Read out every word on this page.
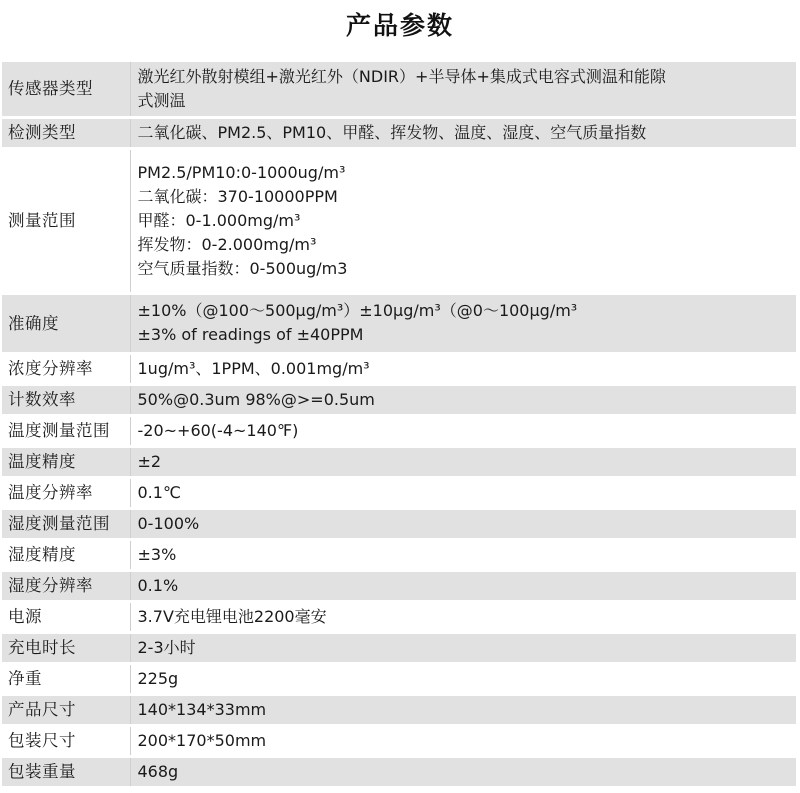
产品参数
传感器类型	激光红外散射模组+激光红外（NDIR）+半导体+集成式电容式测温和能隙
式测温

检测类型	二氧化碳、PM2.5、PM10、甲醛、挥发物、温度、湿度、空气质量指数

测量范围	PM2.5/PM10:0-1000ug/m³
二氧化碳：370-10000PPM
甲醛：0-1.000mg/m³
挥发物：0-2.000mg/m³
空气质量指数：0-500ug/m3

准确度	±10%（@100～500μg/m³）±10μg/m³（@0～100μg/m³
±3% of readings of ±40PPM

浓度分辨率	1ug/m³、1PPM、0.001mg/m³

计数效率	50%@0.3um 98%@>=0.5um

温度测量范围	-20~+60(-4~140℉)

温度精度	±2

温度分辨率	0.1℃

湿度测量范围	0-100%

湿度精度	±3%

湿度分辨率	0.1%

电源	3.7V充电锂电池2200毫安

充电时长	2-3小时

净重	225g

产品尺寸	140*134*33mm

包装尺寸	200*170*50mm

包装重量	468g
